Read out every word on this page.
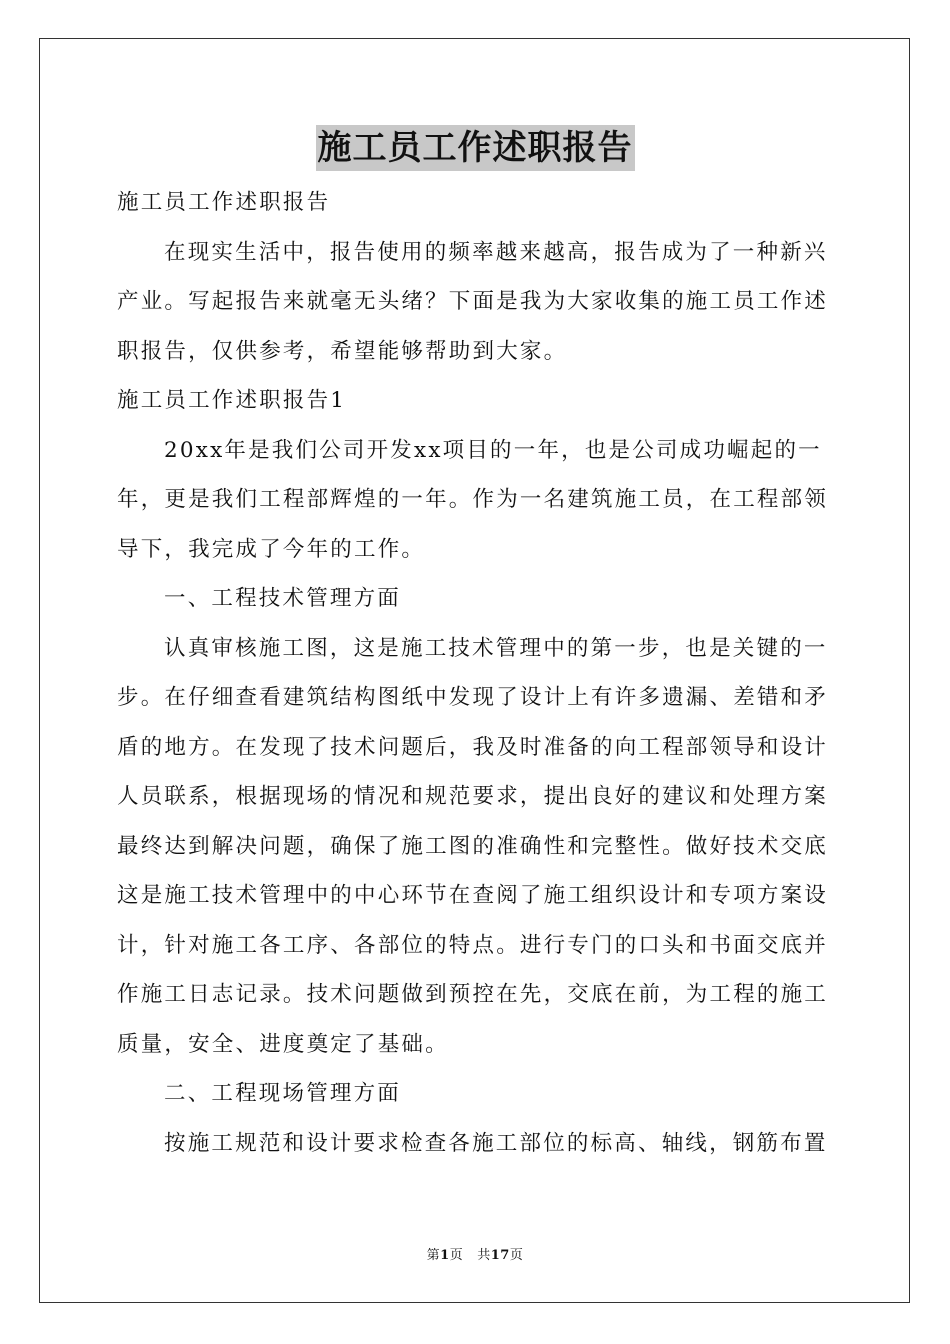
施工员工作述职报告
施工员工作述职报告
在现实生活中，报告使用的频率越来越高，报告成为了一种新兴
产业。写起报告来就毫无头绪？下面是我为大家收集的施工员工作述
职报告，仅供参考，希望能够帮助到大家。
施工员工作述职报告1
20xx年是我们公司开发xx项目的一年，也是公司成功崛起的一
年，更是我们工程部辉煌的一年。作为一名建筑施工员，在工程部领
导下，我完成了今年的工作。
一、工程技术管理方面
认真审核施工图，这是施工技术管理中的第一步，也是关键的一
步。在仔细查看建筑结构图纸中发现了设计上有许多遗漏、差错和矛
盾的地方。在发现了技术问题后，我及时准备的向工程部领导和设计
人员联系，根据现场的情况和规范要求，提出良好的建议和处理方案
最终达到解决问题，确保了施工图的准确性和完整性。做好技术交底
这是施工技术管理中的中心环节在查阅了施工组织设计和专项方案设
计，针对施工各工序、各部位的特点。进行专门的口头和书面交底并
作施工日志记录。技术问题做到预控在先，交底在前，为工程的施工
质量，安全、进度奠定了基础。
二、工程现场管理方面
按施工规范和设计要求检查各施工部位的标高、轴线，钢筋布置
第1页 共17页
